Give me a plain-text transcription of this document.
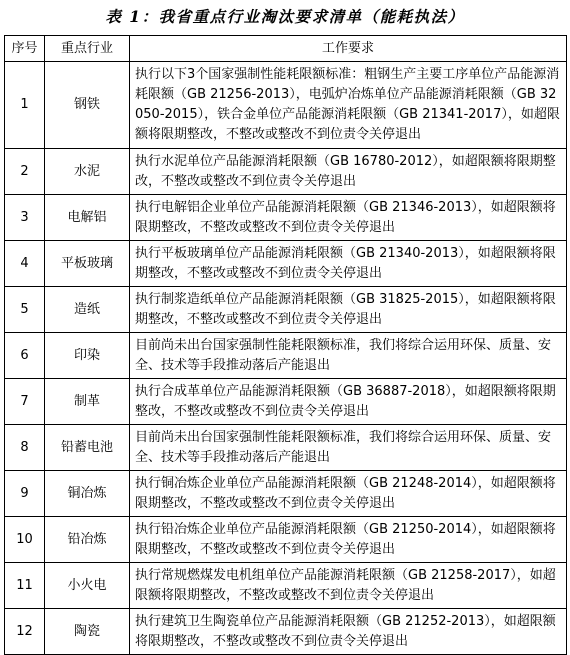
表 1：我省重点行业淘汰要求清单（能耗执法）
序号	重点行业	工作要求
1	钢铁	执行以下3个国家强制性能耗限额标准：粗钢生产主要工序单位产品能源消耗限额（GB 21256-2013），电弧炉冶炼单位产品能源消耗限额（GB 32050-2015），铁合金单位产品能源消耗限额（GB 21341-2017），如超限额将限期整改，不整改或整改不到位责令关停退出
2	水泥	执行水泥单位产品能源消耗限额（GB 16780-2012），如超限额将限期整改，不整改或整改不到位责令关停退出
3	电解铝	执行电解铝企业单位产品能源消耗限额（GB 21346-2013），如超限额将限期整改，不整改或整改不到位责令关停退出
4	平板玻璃	执行平板玻璃单位产品能源消耗限额（GB 21340-2013），如超限额将限期整改，不整改或整改不到位责令关停退出
5	造纸	执行制浆造纸单位产品能源消耗限额（GB 31825-2015），如超限额将限期整改，不整改或整改不到位责令关停退出
6	印染	目前尚未出台国家强制性能耗限额标准，我们将综合运用环保、质量、安全、技术等手段推动落后产能退出
7	制革	执行合成革单位产品能源消耗限额（GB 36887-2018），如超限额将限期整改，不整改或整改不到位责令关停退出
8	铅蓄电池	目前尚未出台国家强制性能耗限额标准，我们将综合运用环保、质量、安全、技术等手段推动落后产能退出
9	铜冶炼	执行铜冶炼企业单位产品能源消耗限额（GB 21248-2014），如超限额将限期整改，不整改或整改不到位责令关停退出
10	铅冶炼	执行铅冶炼企业单位产品能源消耗限额（GB 21250-2014），如超限额将限期整改，不整改或整改不到位责令关停退出
11	小火电	执行常规燃煤发电机组单位产品能源消耗限额（GB 21258-2017），如超限额将限期整改，不整改或整改不到位责令关停退出
12	陶瓷	执行建筑卫生陶瓷单位产品能源消耗限额（GB 21252-2013），如超限额将限期整改，不整改或整改不到位责令关停退出
